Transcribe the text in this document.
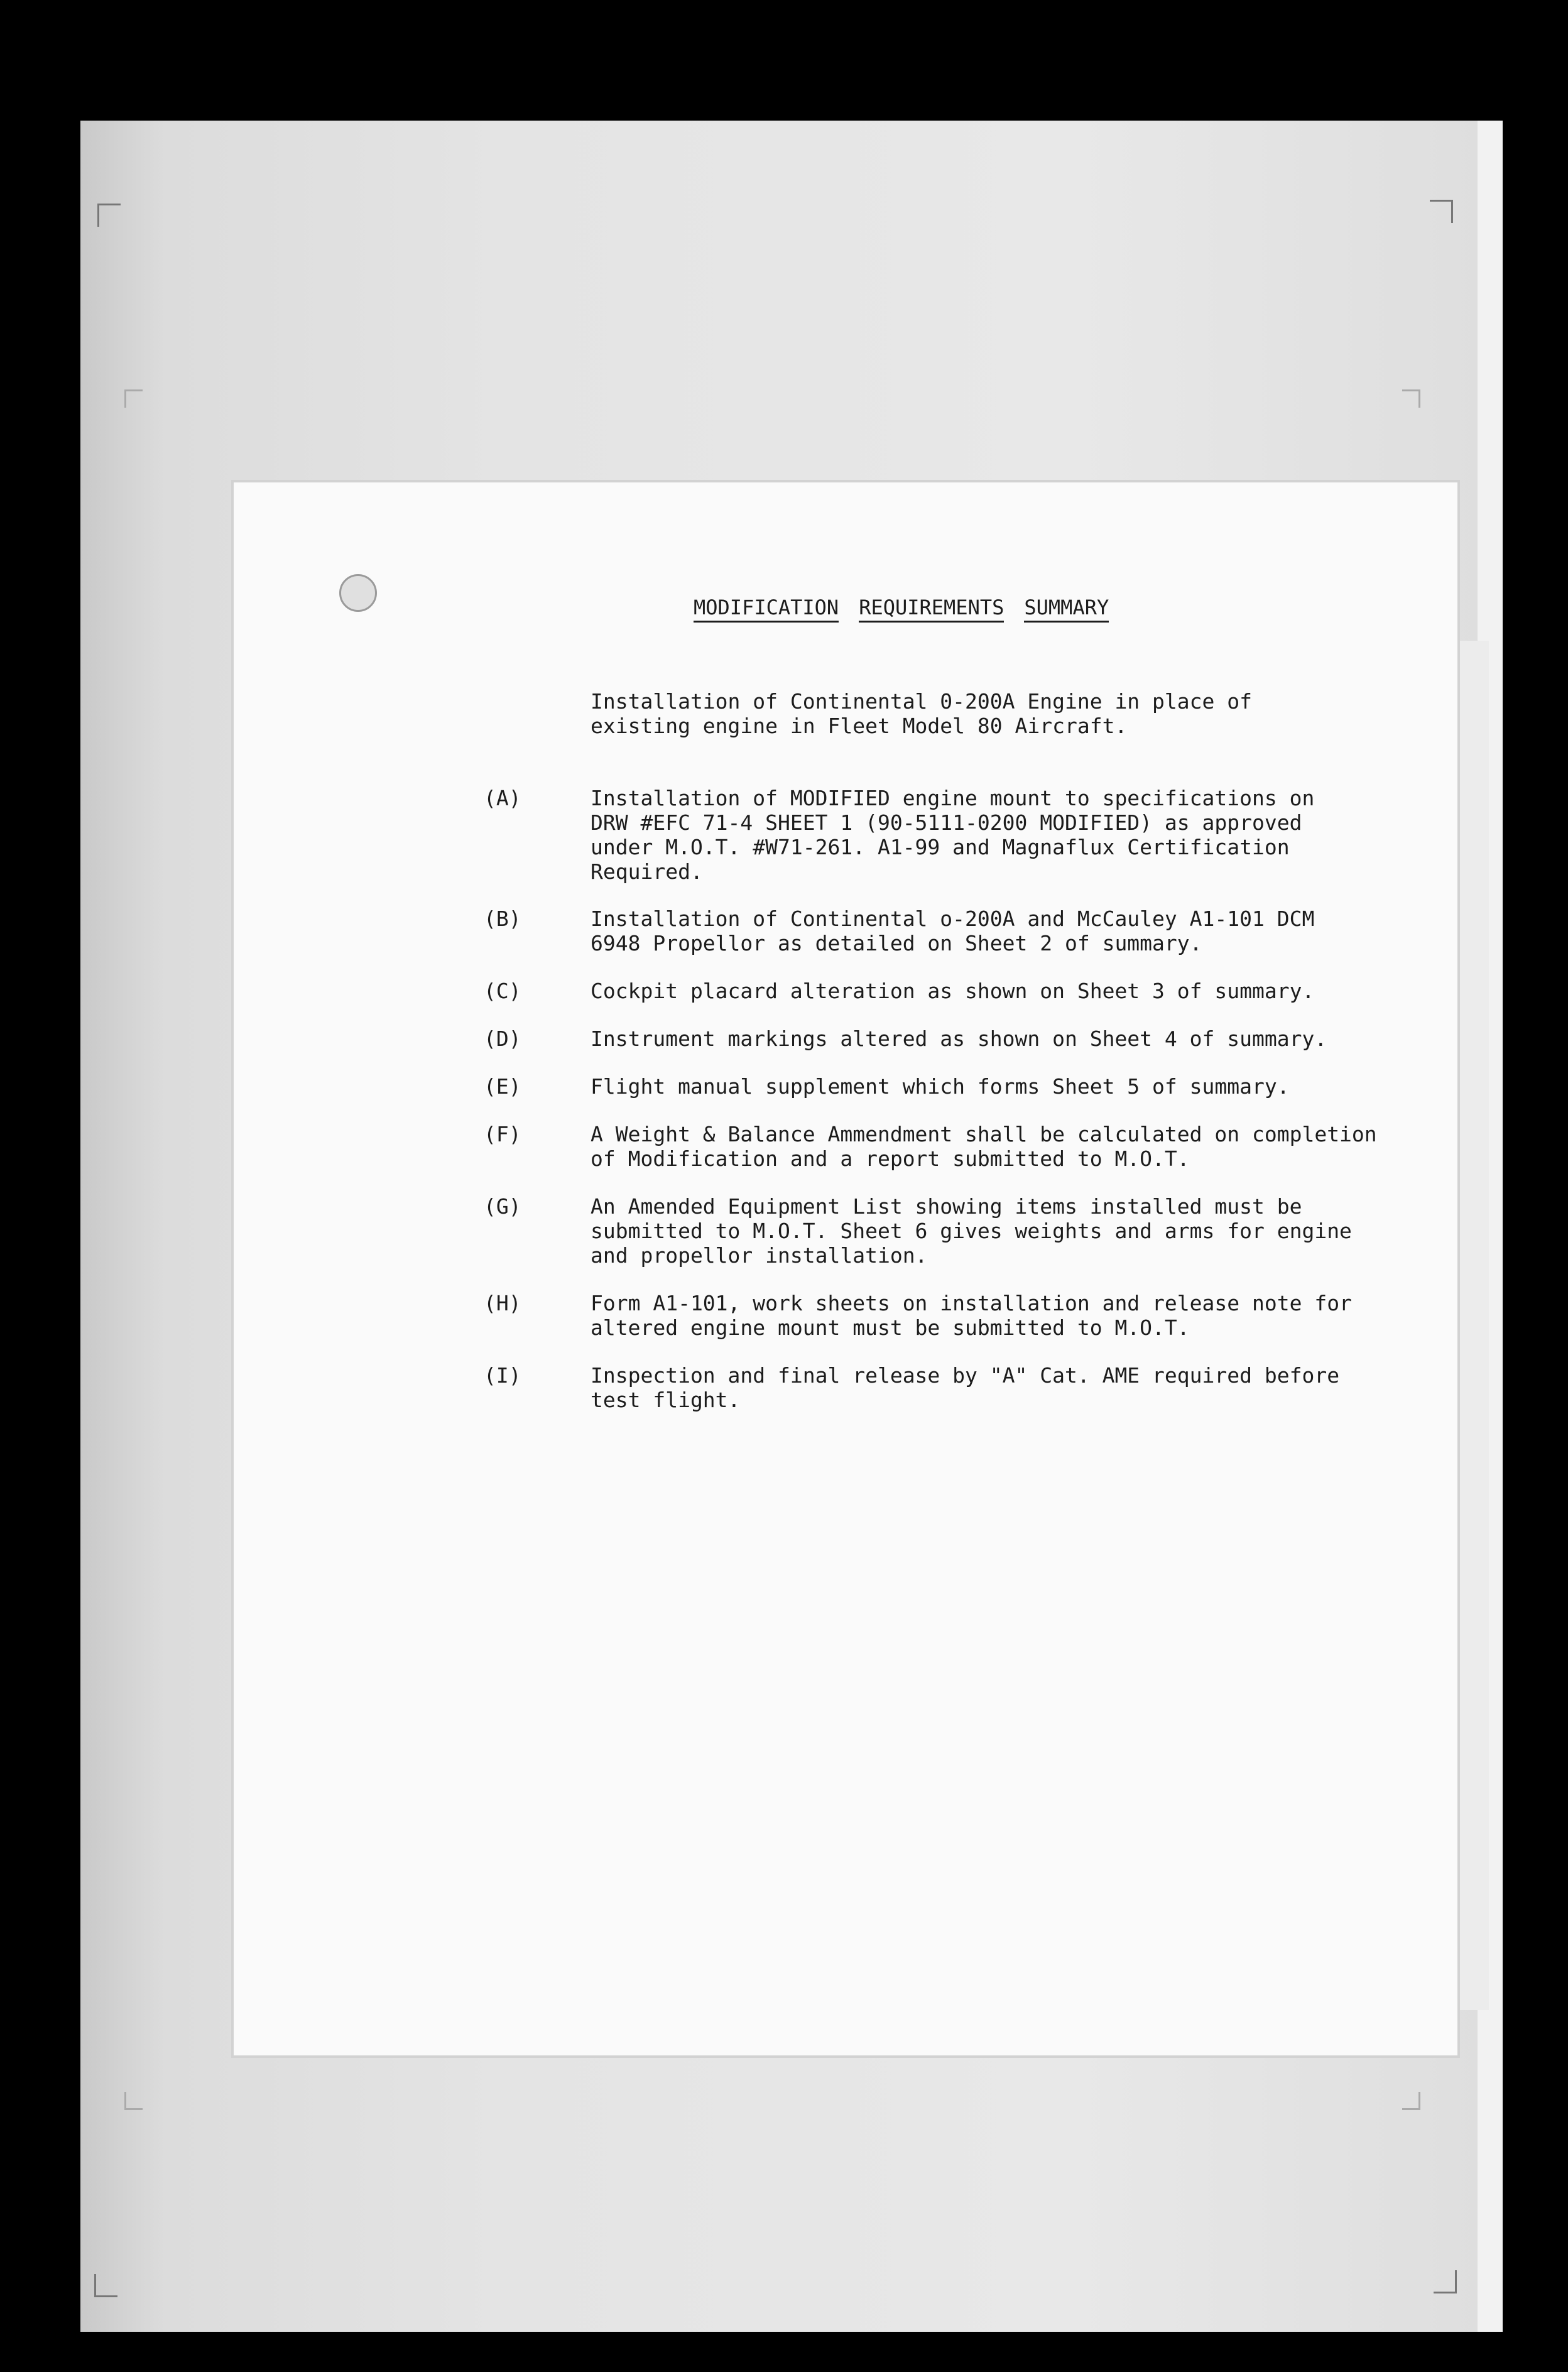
MODIFICATION REQUIREMENTS SUMMARY
Installation of Continental 0-200A Engine in place of
existing engine in Fleet Model 80 Aircraft.
(A)	Installation of MODIFIED engine mount to specifications on
DRW #EFC 71-4 SHEET 1 (90-5111-0200 MODIFIED) as approved
under M.O.T. #W71-261. A1-99 and Magnaflux Certification
Required.
(B)	Installation of Continental o-200A and McCauley A1-101 DCM
6948 Propellor as detailed on Sheet 2 of summary.
(C)	Cockpit placard alteration as shown on Sheet 3 of summary.
(D)	Instrument markings altered as shown on Sheet 4 of summary.
(E)	Flight manual supplement which forms Sheet 5 of summary.
(F)	A Weight & Balance Ammendment shall be calculated on completion
of Modification and a report submitted to M.O.T.
(G)	An Amended Equipment List showing items installed must be
submitted to M.O.T. Sheet 6 gives weights and arms for engine
and propellor installation.
(H)	Form A1-101, work sheets on installation and release note for
altered engine mount must be submitted to M.O.T.
(I)	Inspection and final release by "A" Cat. AME required before
test flight.
